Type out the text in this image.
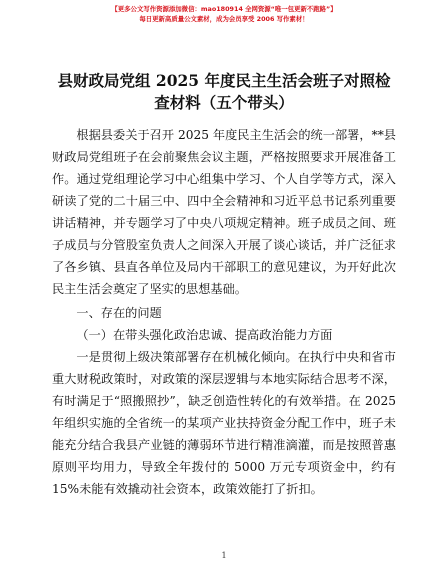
【更多公文写作资源添加微信：mao180914 全网资源“唯一包更新不跑路”】
每日更新高质量公文素材，成为会员享受 2006 写作素材！
县财政局党组 2025 年度民主生活会班子对照检查材料（五个带头）

根据县委关于召开 2025 年度民主生活会的统一部署，**县财政局党组班子在会前聚焦会议主题，严格按照要求开展准备工作。通过党组理论学习中心组集中学习、个人自学等方式，深入研读了党的二十届三中、四中全会精神和习近平总书记系列重要讲话精神，并专题学习了中央八项规定精神。班子成员之间、班子成员与分管股室负责人之间深入开展了谈心谈话，并广泛征求了各乡镇、县直各单位及局内干部职工的意见建议，为开好此次民主生活会奠定了坚实的思想基础。

一、存在的问题

（一）在带头强化政治忠诚、提高政治能力方面

一是贯彻上级决策部署存在机械化倾向。在执行中央和省市重大财税政策时，对政策的深层逻辑与本地实际结合思考不深，有时满足于“照搬照抄”，缺乏创造性转化的有效举措。在 2025 年组织实施的全省统一的某项产业扶持资金分配工作中，班子未能充分结合我县产业链的薄弱环节进行精准滴灌，而是按照普惠原则平均用力，导致全年拨付的 5000 万元专项资金中，约有 15%未能有效撬动社会资本，政策效能打了折扣。

1
